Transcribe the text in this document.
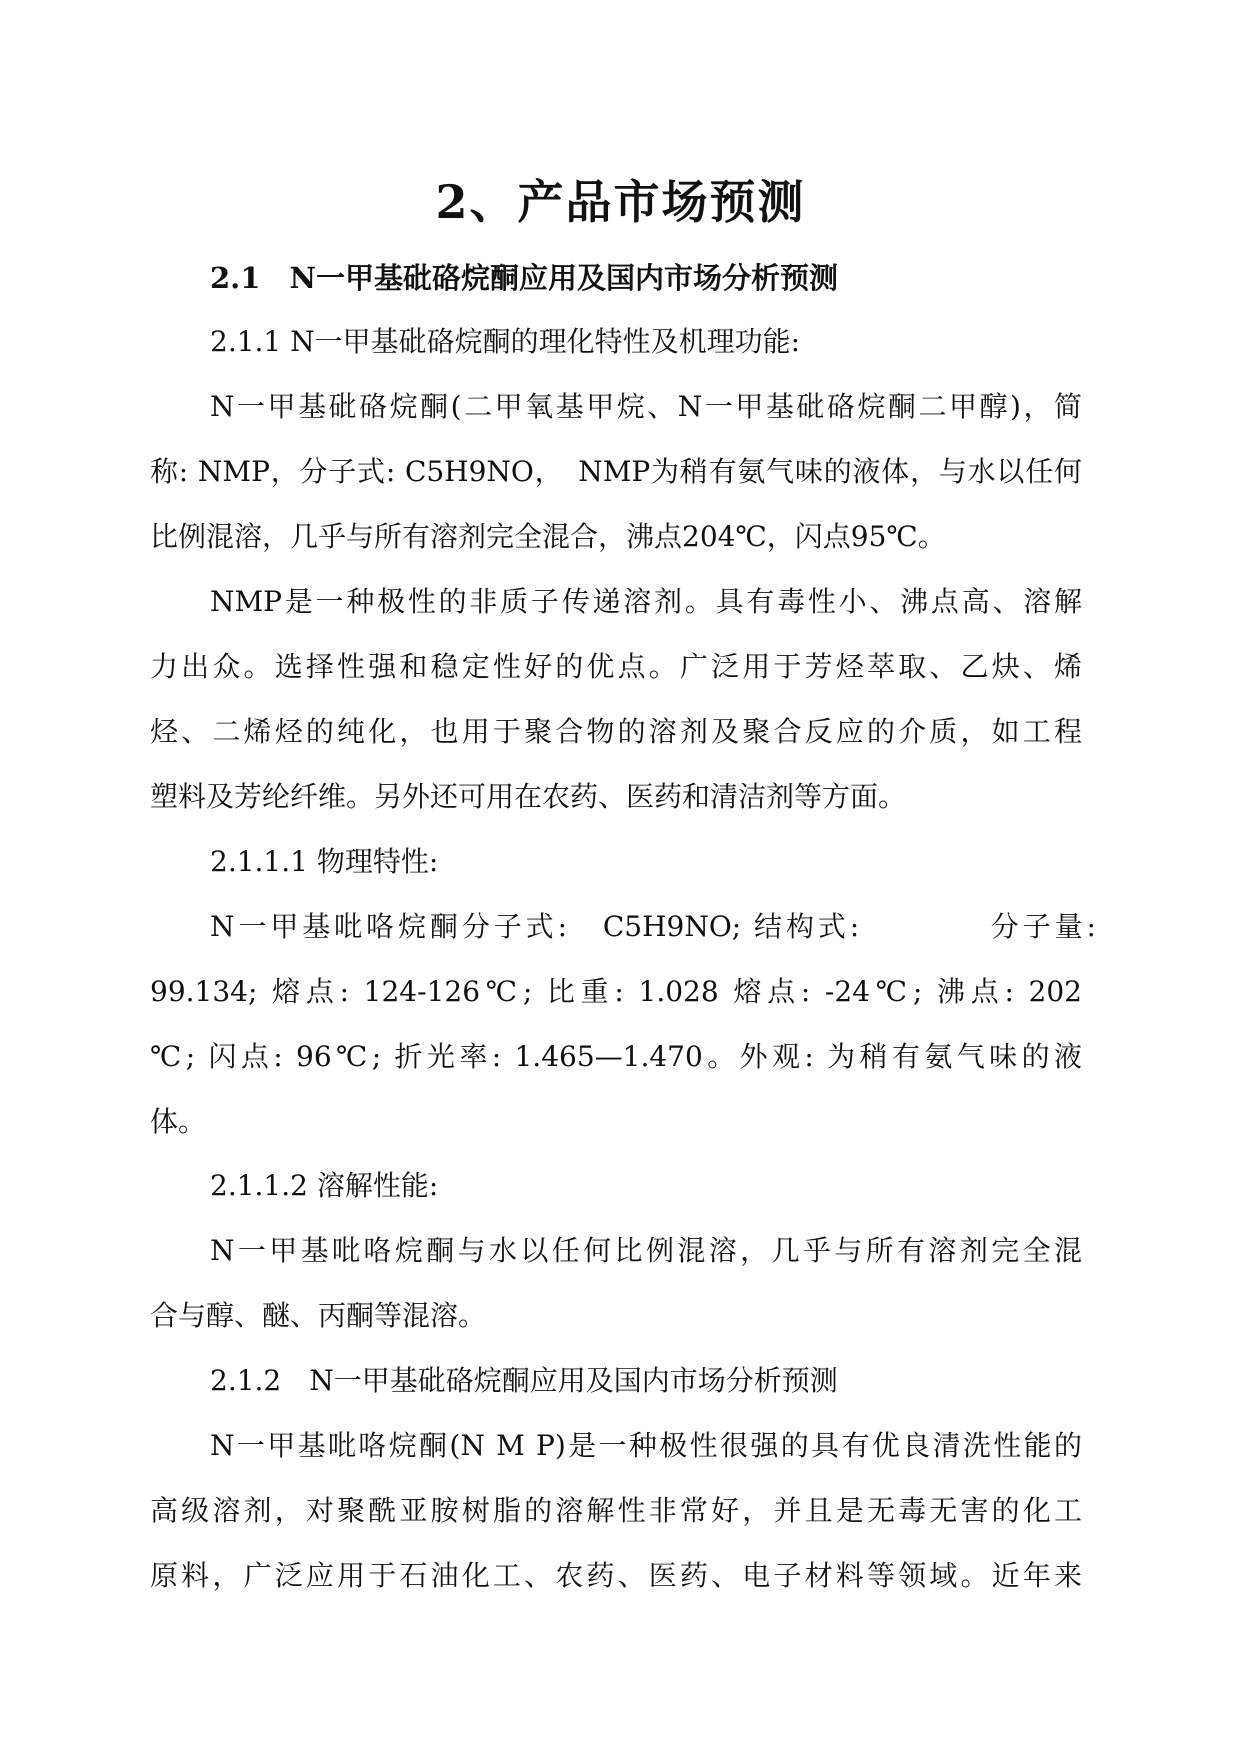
2、产品市场预测
2.1　N一甲基砒硌烷酮应用及国内市场分析预测
2.1.1 N一甲基砒硌烷酮的理化特性及机理功能:
N一甲基砒硌烷酮(二甲氧基甲烷、N一甲基砒硌烷酮二甲醇)，简
称: NMP，分子式: C5H9NO，　NMP为稍有氨气味的液体，与水以任何
比例混溶，几乎与所有溶剂完全混合，沸点204℃，闪点95℃。
NMP是一种极性的非质子传递溶剂。具有毒性小、沸点高、溶解
力出众。选择性强和稳定性好的优点。广泛用于芳烃萃取、乙炔、烯
烃、二烯烃的纯化，也用于聚合物的溶剂及聚合反应的介质，如工程
塑料及芳纶纤维。另外还可用在农药、医药和清洁剂等方面。
2.1.1.1 物理特性:
N一甲基吡咯烷酮分子式:　C5H9NO; 结构式:　　　　分子量:
99.134; 熔点: 124-126℃; 比重: 1.028 熔点: -24℃; 沸点: 202
℃; 闪点: 96℃; 折光率: 1.465—1.470。外观: 为稍有氨气味的液
体。
2.1.1.2 溶解性能:
N一甲基吡咯烷酮与水以任何比例混溶，几乎与所有溶剂完全混
合与醇、醚、丙酮等混溶。
2.1.2　N一甲基砒硌烷酮应用及国内市场分析预测
N一甲基吡咯烷酮(N M P)是一种极性很强的具有优良清洗性能的
高级溶剂，对聚酰亚胺树脂的溶解性非常好，并且是无毒无害的化工
原料，广泛应用于石油化工、农药、医药、电子材料等领域。近年来
